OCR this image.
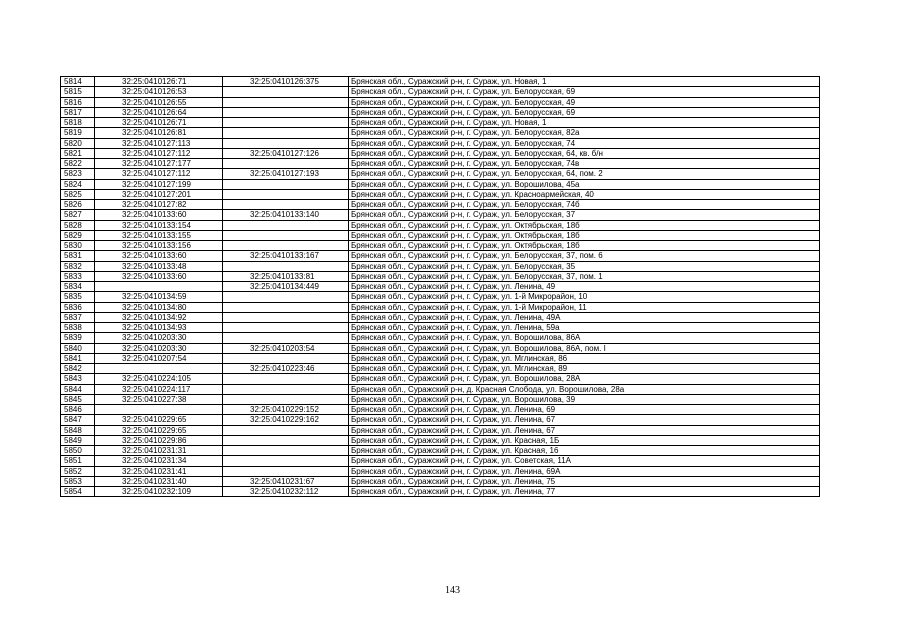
5814	32:25:0410126:71	32:25:0410126:375	Брянская обл., Суражский р-н, г. Сураж, ул. Новая, 1
5815	32:25:0410126:53		Брянская обл., Суражский р-н, г. Сураж, ул. Белорусская, 69
5816	32:25:0410126:55		Брянская обл., Суражский р-н, г. Сураж, ул. Белорусская, 49
5817	32:25:0410126:64		Брянская обл., Суражский р-н, г. Сураж, ул. Белорусская, 69
5818	32:25:0410126:71		Брянская обл., Суражский р-н, г. Сураж, ул. Новая, 1
5819	32:25:0410126:81		Брянская обл., Суражский р-н, г. Сураж, ул. Белорусская, 82а
5820	32:25:0410127:113		Брянская обл., Суражский р-н, г. Сураж, ул. Белорусская, 74
5821	32:25:0410127:112	32:25:0410127:126	Брянская обл., Суражский р-н, г. Сураж, ул. Белорусская, 64, кв. б/н
5822	32:25:0410127:177		Брянская обл., Суражский р-н, г. Сураж, ул. Белорусская, 74в
5823	32:25:0410127:112	32:25:0410127:193	Брянская обл., Суражский р-н, г. Сураж, ул. Белорусская, 64, пом. 2
5824	32:25:0410127:199		Брянская обл., Суражский р-н, г. Сураж, ул. Ворошилова, 45а
5825	32:25:0410127:201		Брянская обл., Суражский р-н, г. Сураж, ул. Красноармейская, 40
5826	32:25:0410127:82		Брянская обл., Суражский р-н, г. Сураж, ул. Белорусская, 74б
5827	32:25:0410133:60	32:25:0410133:140	Брянская обл., Суражский р-н, г. Сураж, ул. Белорусская, 37
5828	32:25:0410133:154		Брянская обл., Суражский р-н, г. Сураж, ул. Октябрьская, 18б
5829	32:25:0410133:155		Брянская обл., Суражский р-н, г. Сураж, ул. Октябрьская, 18б
5830	32:25:0410133:156		Брянская обл., Суражский р-н, г. Сураж, ул. Октябрьская, 18б
5831	32:25:0410133:60	32:25:0410133:167	Брянская обл., Суражский р-н, г. Сураж, ул. Белорусская, 37, пом. 6
5832	32:25:0410133:48		Брянская обл., Суражский р-н, г. Сураж, ул. Белорусская, 35
5833	32:25:0410133:60	32:25:0410133:81	Брянская обл., Суражский р-н, г. Сураж, ул. Белорусская, 37, пом. 1
5834		32:25:0410134:449	Брянская обл., Суражский р-н, г. Сураж, ул. Ленина, 49
5835	32:25:0410134:59		Брянская обл., Суражский р-н, г. Сураж, ул. 1-й Микрорайон, 10
5836	32:25:0410134:80		Брянская обл., Суражский р-н, г. Сураж, ул. 1-й Микрорайон, 11
5837	32:25:0410134:92		Брянская обл., Суражский р-н, г. Сураж, ул. Ленина, 49А
5838	32:25:0410134:93		Брянская обл., Суражский р-н, г. Сураж, ул. Ленина, 59а
5839	32:25:0410203:30		Брянская обл., Суражский р-н, г. Сураж, ул. Ворошилова, 86А
5840	32:25:0410203:30	32:25:0410203:54	Брянская обл., Суражский р-н, г. Сураж, ул. Ворошилова, 86А, пом. I
5841	32:25:0410207:54		Брянская обл., Суражский р-н, г. Сураж, ул. Мглинская, 86
5842		32:25:0410223:46	Брянская обл., Суражский р-н, г. Сураж, ул. Мглинская, 89
5843	32:25:0410224:105		Брянская обл., Суражский р-н, г. Сураж, ул. Ворошилова, 28А
5844	32:25:0410224:117		Брянская обл., Суражский р-н, д. Красная Слобода, ул. Ворошилова, 28а
5845	32:25:0410227:38		Брянская обл., Суражский р-н, г. Сураж, ул. Ворошилова, 39
5846		32:25:0410229:152	Брянская обл., Суражский р-н, г. Сураж, ул. Ленина, 69
5847	32:25:0410229:65	32:25:0410229:162	Брянская обл., Суражский р-н, г. Сураж, ул. Ленина, 67
5848	32:25:0410229:65		Брянская обл., Суражский р-н, г. Сураж, ул. Ленина, 67
5849	32:25:0410229:86		Брянская обл., Суражский р-н, г. Сураж, ул. Красная, 1Б
5850	32:25:0410231:31		Брянская обл., Суражский р-н, г. Сураж, ул. Красная, 16
5851	32:25:0410231:34		Брянская обл., Суражский р-н, г. Сураж, ул. Советская, 11А
5852	32:25:0410231:41		Брянская обл., Суражский р-н, г. Сураж, ул. Ленина, 69А
5853	32:25:0410231:40	32:25:0410231:67	Брянская обл., Суражский р-н, г. Сураж, ул. Ленина, 75
5854	32:25:0410232:109	32:25:0410232:112	Брянская обл., Суражский р-н, г. Сураж, ул. Ленина, 77
143
